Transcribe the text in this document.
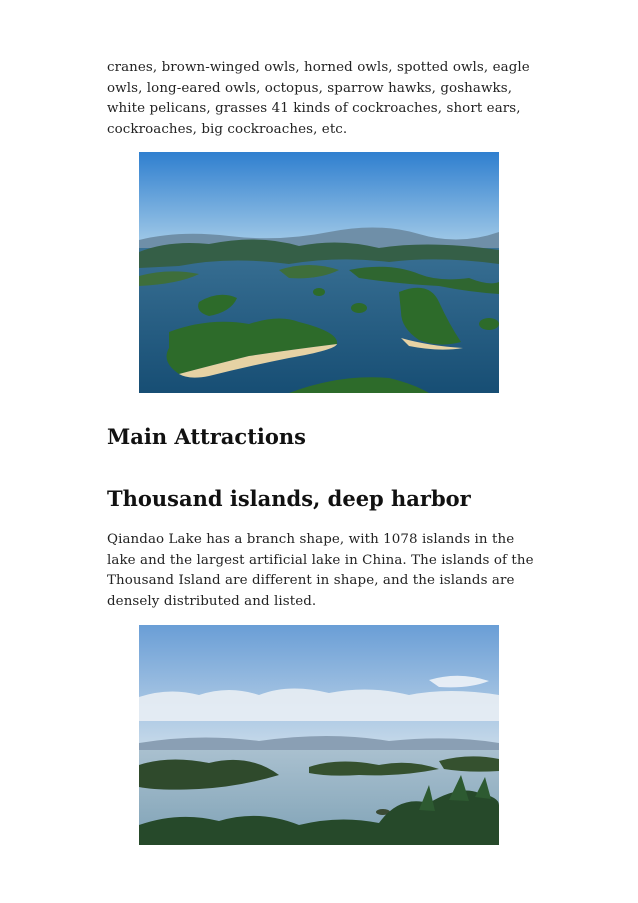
cranes, brown-winged owls, horned owls, spotted owls, eagle owls, long-eared owls, octopus, sparrow hawks, goshawks, white pelicans, grasses 41 kinds of cockroaches, short ears, cockroaches, big cockroaches, etc.

Main Attractions
Thousand islands, deep harbor

Qiandao Lake has a branch shape, with 1078 islands in the lake and the largest artificial lake in China. The islands of the Thousand Island are different in shape, and the islands are densely distributed and listed.
